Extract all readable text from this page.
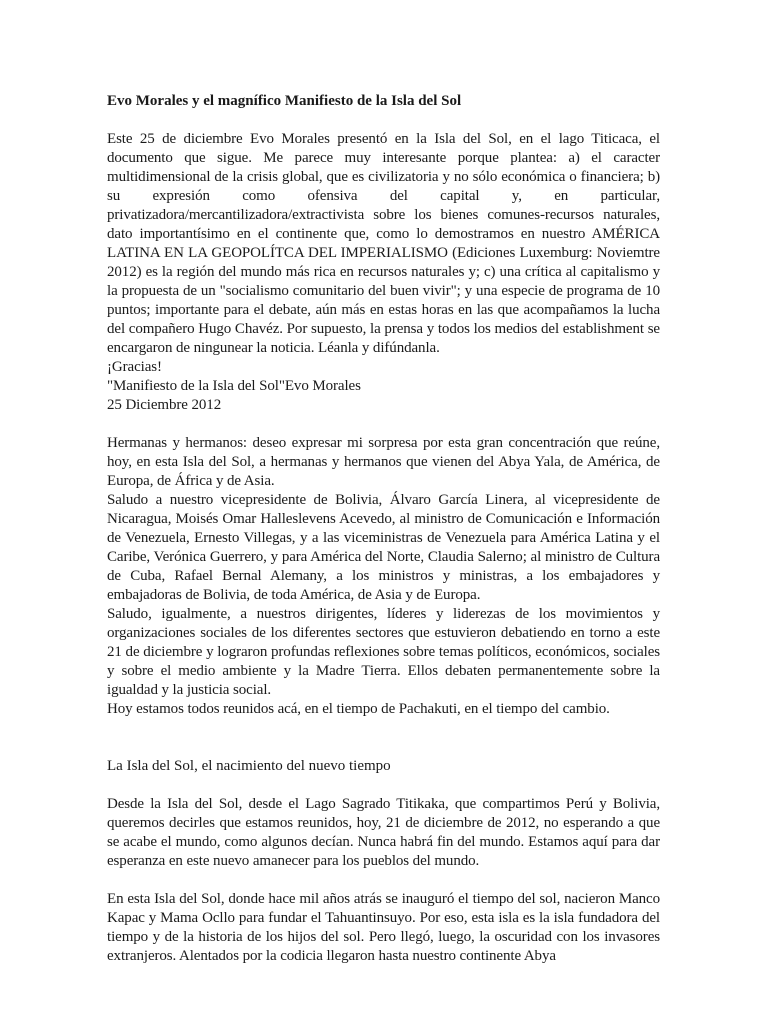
Evo Morales y el magnífico Manifiesto de la Isla del Sol

Este 25 de diciembre Evo Morales presentó en la Isla del Sol, en el lago Titicaca, el documento que sigue. Me parece muy interesante porque plantea: a) el caracter multidimensional de la crisis global, que es civilizatoria y no sólo económica o financiera; b) su expresión como ofensiva del capital y, en particular, privatizadora/mercantilizadora/extractivista sobre los bienes comunes-recursos naturales, dato importantísimo en el continente que, como lo demostramos en nuestro AMÉRICA LATINA EN LA GEOPOLÍTCA DEL IMPERIALISMO (Ediciones Luxemburg: Noviemtre 2012) es la región del mundo más rica en recursos naturales y; c) una crítica al capitalismo y la propuesta de un "socialismo comunitario del buen vivir"; y una especie de programa de 10 puntos; importante para el debate, aún más en estas horas en las que acompañamos la lucha del compañero Hugo Chavéz. Por supuesto, la prensa y todos los medios del establishment se encargaron de ningunear la noticia. Léanla y difúndanla.

¡Gracias!

"Manifiesto de la Isla del Sol"Evo Morales

25 Diciembre 2012

Hermanas y hermanos: deseo expresar mi sorpresa por esta gran concentración que reúne, hoy, en esta Isla del Sol, a hermanas y hermanos que vienen del Abya Yala, de América, de Europa, de África y de Asia.

Saludo a nuestro vicepresidente de Bolivia, Álvaro García Linera, al vicepresidente de Nicaragua, Moisés Omar Halleslevens Acevedo, al ministro de Comunicación e Información de Venezuela, Ernesto Villegas, y a las viceministras de Venezuela para América Latina y el Caribe, Verónica Guerrero, y para América del Norte, Claudia Salerno; al ministro de Cultura de Cuba, Rafael Bernal Alemany, a los ministros y ministras, a los embajadores y embajadoras de Bolivia, de toda América, de Asia y de Europa.

Saludo, igualmente, a nuestros dirigentes, líderes y liderezas de los movimientos y organizaciones sociales de los diferentes sectores que estuvieron debatiendo en torno a este 21 de diciembre y lograron profundas reflexiones sobre temas políticos, económicos, sociales y sobre el medio ambiente y la Madre Tierra. Ellos debaten permanentemente sobre la igualdad y la justicia social.

Hoy estamos todos reunidos acá, en el tiempo de Pachakuti, en el tiempo del cambio.

La Isla del Sol, el nacimiento del nuevo tiempo

Desde la Isla del Sol, desde el Lago Sagrado Titikaka, que compartimos Perú y Bolivia, queremos decirles que estamos reunidos, hoy, 21 de diciembre de 2012, no esperando a que se acabe el mundo, como algunos decían. Nunca habrá fin del mundo. Estamos aquí para dar esperanza en este nuevo amanecer para los pueblos del mundo.

En esta Isla del Sol, donde hace mil años atrás se inauguró el tiempo del sol, nacieron Manco Kapac y Mama Ocllo para fundar el Tahuantinsuyo. Por eso, esta isla es la isla fundadora del tiempo y de la historia de los hijos del sol. Pero llegó, luego, la oscuridad con los invasores extranjeros. Alentados por la codicia llegaron hasta nuestro continente Abya
